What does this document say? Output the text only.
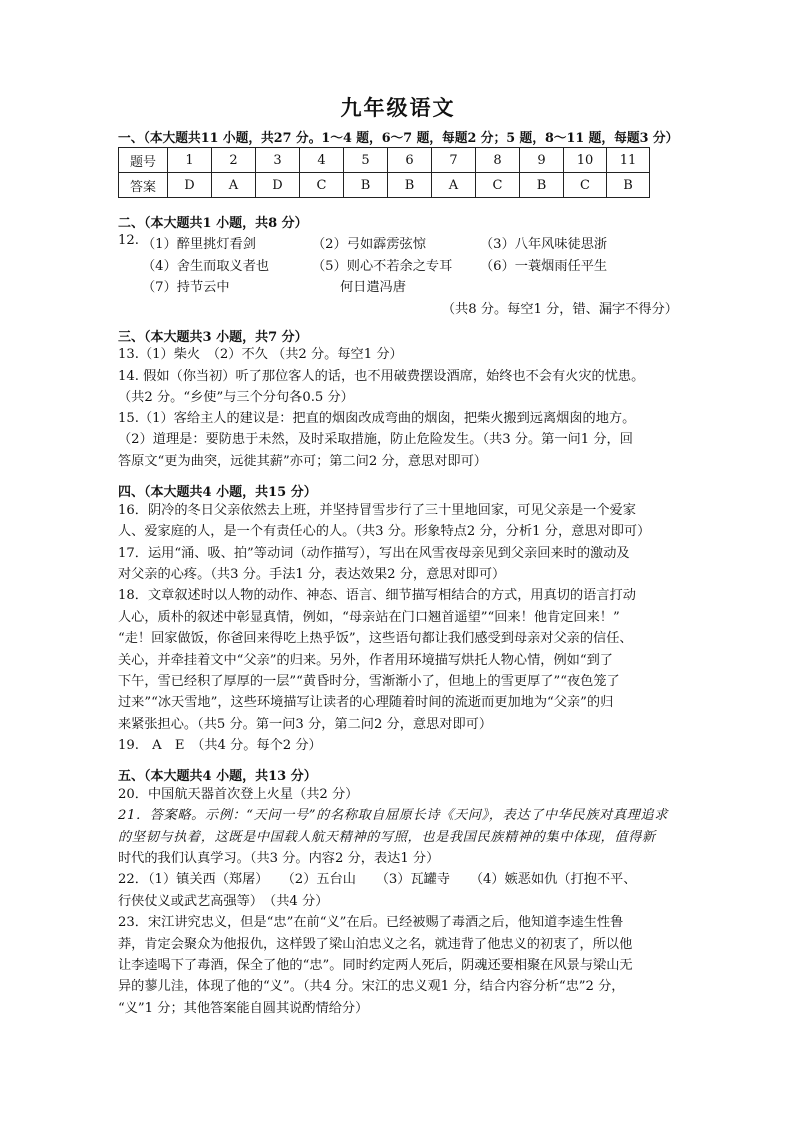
九年级语文
一、（本大题共11 小题，共27 分。1～4 题，6～7 题，每题2 分；5 题，8～11 题，每题3 分）
题号	1	2	3	4	5	6	7	8	9	10	11
答案	D	A	D	C	B	B	A	C	B	C	B
二、（本大题共1 小题，共8 分）
12. （1）醉里挑灯看剑	（2）弓如霹雳弦惊	（3）八年风味徒思浙
（4）舍生而取义者也	（5）则心不若余之专耳 （6）一蓑烟雨任平生
（7）持节云中	何日遣冯唐
（共8 分。每空1 分，错、漏字不得分）
三、（本大题共3 小题，共7 分）
13.（1）柴火　（2）不久 （共2 分。每空1 分）
14. 假如（你当初）听了那位客人的话，也不用破费摆设酒席，始终也不会有火灾的忧患。
（共2 分。“乡使”与三个分句各0.5 分）
15.（1）客给主人的建议是：把直的烟囱改成弯曲的烟囱，把柴火搬到远离烟囱的地方。
（2）道理是：要防患于未然，及时采取措施，防止危险发生。（共3 分。第一问1 分，回
答原文“更为曲突，远徙其薪”亦可；第二问2 分，意思对即可）
四、（本大题共4 小题，共15 分）
16．阴冷的冬日父亲依然去上班，并坚持冒雪步行了三十里地回家，可见父亲是一个爱家
人、爱家庭的人，是一个有责任心的人。（共3 分。形象特点2 分，分析1 分，意思对即可）
17．运用“涌、吸、拍”等动词（动作描写），写出在风雪夜母亲见到父亲回来时的激动及
对父亲的心疼。（共3 分。手法1 分，表达效果2 分，意思对即可）
18．文章叙述时以人物的动作、神态、语言、细节描写相结合的方式，用真切的语言打动
人心，质朴的叙述中彰显真情，例如，“母亲站在门口翘首遥望”“回来！他肯定回来！”
“走！回家做饭，你爸回来得吃上热乎饭”，这些语句都让我们感受到母亲对父亲的信任、
关心，并牵挂着文中“父亲”的归来。另外，作者用环境描写烘托人物心情，例如“到了
下午，雪已经积了厚厚的一层”“黄昏时分，雪渐渐小了，但地上的雪更厚了”“夜色笼了
过来”“冰天雪地”，这些环境描写让读者的心理随着时间的流逝而更加地为“父亲”的归
来紧张担心。（共5 分。第一问3 分，第二问2 分，意思对即可）
19.　A　E　（共4 分。每个2 分）
五、（本大题共4 小题，共13 分）
20．中国航天器首次登上火星（共2 分）
21．答案略。示例：“天问一号”的名称取自屈原长诗《天问》，表达了中华民族对真理追求
的坚韧与执着，这既是中国载人航天精神的写照，也是我国民族精神的集中体现，值得新
时代的我们认真学习。（共3 分。内容2 分，表达1 分）
22．（1）镇关西（郑屠）　　（2）五台山　　（3）瓦罐寺　　（4）嫉恶如仇（打抱不平、
行侠仗义或武艺高强等）　（共4 分）
23．宋江讲究忠义，但是“忠”在前“义”在后。已经被赐了毒酒之后，他知道李逵生性鲁
莽，肯定会聚众为他报仇，这样毁了梁山泊忠义之名，就违背了他忠义的初衷了，所以他
让李逵喝下了毒酒，保全了他的“忠”。同时约定两人死后，阴魂还要相聚在风景与梁山无
异的蓼儿洼，体现了他的“义”。（共4 分。宋江的忠义观1 分，结合内容分析“忠”2 分，
“义”1 分；其他答案能自圆其说酌情给分）
